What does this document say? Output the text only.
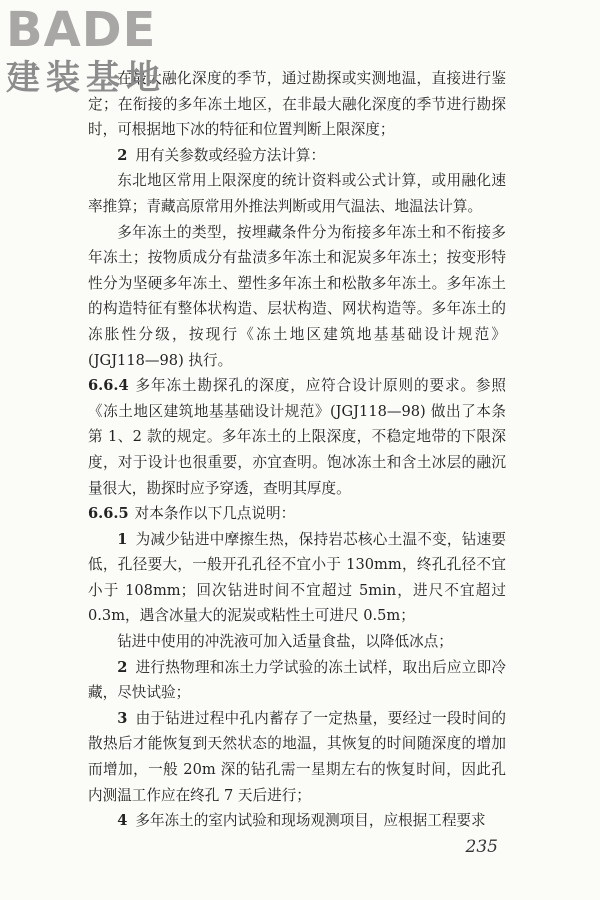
BADE
建装基地

在最大融化深度的季节，通过勘探或实测地温，直接进行鉴定；在衔接的多年冻土地区，在非最大融化深度的季节进行勘探时，可根据地下冰的特征和位置判断上限深度；

2 用有关参数或经验方法计算：

东北地区常用上限深度的统计资料或公式计算，或用融化速率推算；青藏高原常用外推法判断或用气温法、地温法计算。

多年冻土的类型，按埋藏条件分为衔接多年冻土和不衔接多年冻土；按物质成分有盐渍多年冻土和泥炭多年冻土；按变形特性分为坚硬多年冻土、塑性多年冻土和松散多年冻土。多年冻土的构造特征有整体状构造、层状构造、网状构造等。多年冻土的冻胀性分级，按现行《冻土地区建筑地基基础设计规范》(JGJ118—98) 执行。

6.6.4 多年冻土勘探孔的深度，应符合设计原则的要求。参照《冻土地区建筑地基基础设计规范》(JGJ118—98) 做出了本条第 1、2 款的规定。多年冻土的上限深度，不稳定地带的下限深度，对于设计也很重要，亦宜查明。饱冰冻土和含土冰层的融沉量很大，勘探时应予穿透，查明其厚度。

6.6.5 对本条作以下几点说明：

1 为减少钻进中摩擦生热，保持岩芯核心土温不变，钻速要低，孔径要大，一般开孔孔径不宜小于 130mm，终孔孔径不宜小于 108mm；回次钻进时间不宜超过 5min，进尺不宜超过 0.3m，遇含冰量大的泥炭或粘性土可进尺 0.5m；

钻进中使用的冲洗液可加入适量食盐，以降低冰点；

2 进行热物理和冻土力学试验的冻土试样，取出后应立即冷藏，尽快试验；

3 由于钻进过程中孔内蓄存了一定热量，要经过一段时间的散热后才能恢复到天然状态的地温，其恢复的时间随深度的增加而增加，一般 20m 深的钻孔需一星期左右的恢复时间，因此孔内测温工作应在终孔 7 天后进行；

4 多年冻土的室内试验和现场观测项目，应根据工程要求

235
